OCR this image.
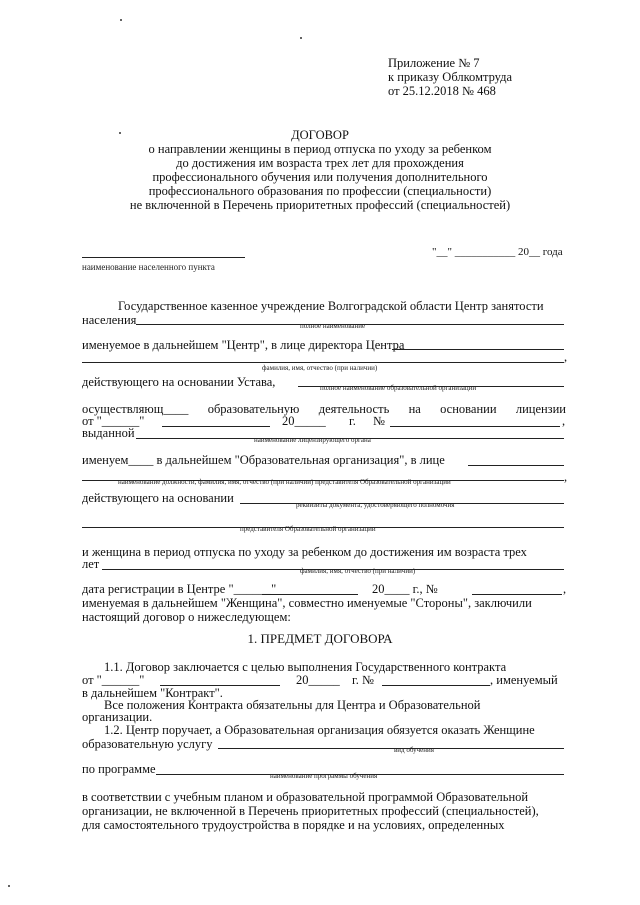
Приложение № 7
к приказу Облкомтруда
от 25.12.2018 № 468
ДОГОВОР
о направлении женщины в период отпуска по уходу за ребенком
до достижения им возраста трех лет для прохождения
профессионального обучения или получения дополнительного
профессионального образования по профессии (специальности)
не включенной в Перечень приоритетных профессий (специальностей)
"__" ___________ 20__ года
наименование населенного пункта
Государственное казенное учреждение Волгоградской области Центр занятости
населения	полное наименование
именуемое в дальнейшем "Центр", в лице директора Центра
,
фамилия, имя, отчество (при наличии)
действующего на основании Устава,	полное наименование образовательной организации
осуществляющ____ образовательную деятельность на основании лицензии
от "______"	20_____ г. №	,
выданной	наименование лицензирующего органа
именуем____ в дальнейшем "Образовательная организация", в лице
наименование должности, фамилия, имя, отчество (при наличии) представителя Образовательной организации	,
действующего на основании	реквизиты документа, удостоверяющего полномочия
представителя Образовательной организации
и женщина в период отпуска по уходу за ребенком до достижения им возраста трех
лет	фамилия, имя, отчество (при наличии)
дата регистрации в Центре "______"	20____ г., №	,
именуемая в дальнейшем "Женщина", совместно именуемые "Стороны", заключили
настоящий договор о нижеследующем:
1. ПРЕДМЕТ ДОГОВОРА
1.1. Договор заключается с целью выполнения Государственного контракта
от "______"	20_____ г. №	, именуемый
в дальнейшем "Контракт".
Все положения Контракта обязательны для Центра и Образовательной
организации.
1.2. Центр поручает, а Образовательная организация обязуется оказать Женщине
образовательную услугу	вид обучения
по программе	наименование программы обучения
в соответствии с учебным планом и образовательной программой Образовательной
организации, не включенной в Перечень приоритетных профессий (специальностей),
для самостоятельного трудоустройства в порядке и на условиях, определенных
